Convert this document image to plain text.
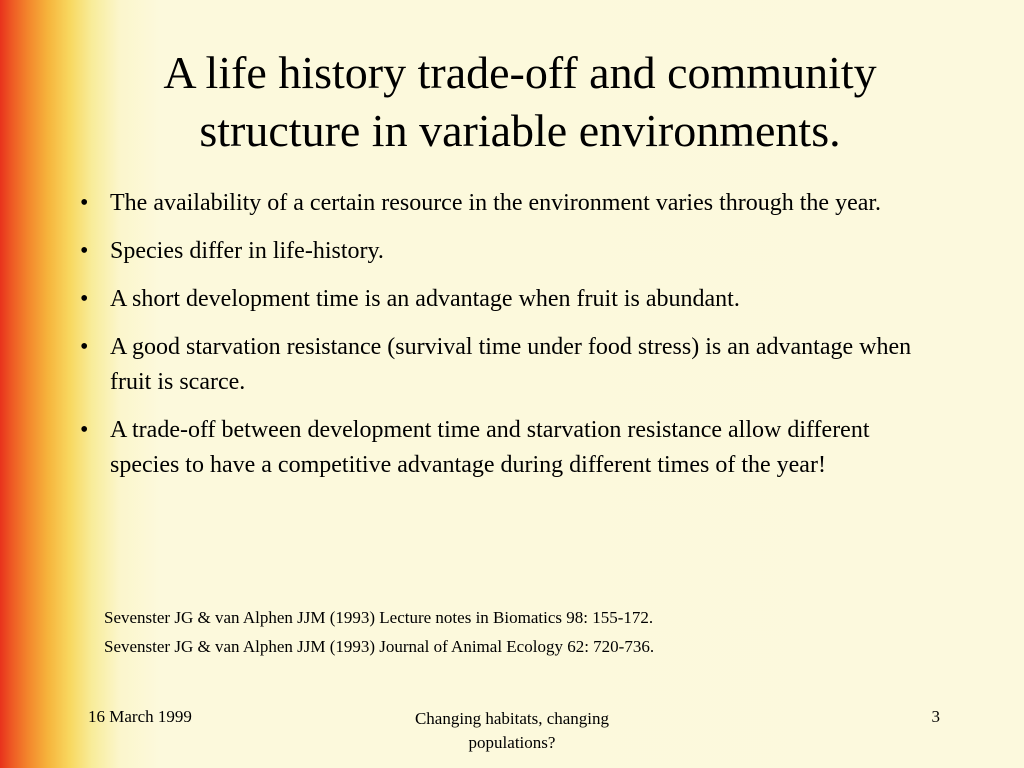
A life history trade-off and community structure in variable environments.
• The availability of a certain resource in the environment varies through the year.
• Species differ in life-history.
• A short development time is an advantage when fruit is abundant.
• A good starvation resistance (survival time under food stress) is an advantage when fruit is scarce.
• A trade-off between development time and starvation resistance allow different species to have a competitive advantage during different times of the year!
Sevenster JG & van Alphen JJM (1993) Lecture notes in Biomatics 98: 155-172.
Sevenster JG & van Alphen JJM (1993) Journal of Animal Ecology 62: 720-736.
16 March 1999	Changing habitats, changing populations?
3
